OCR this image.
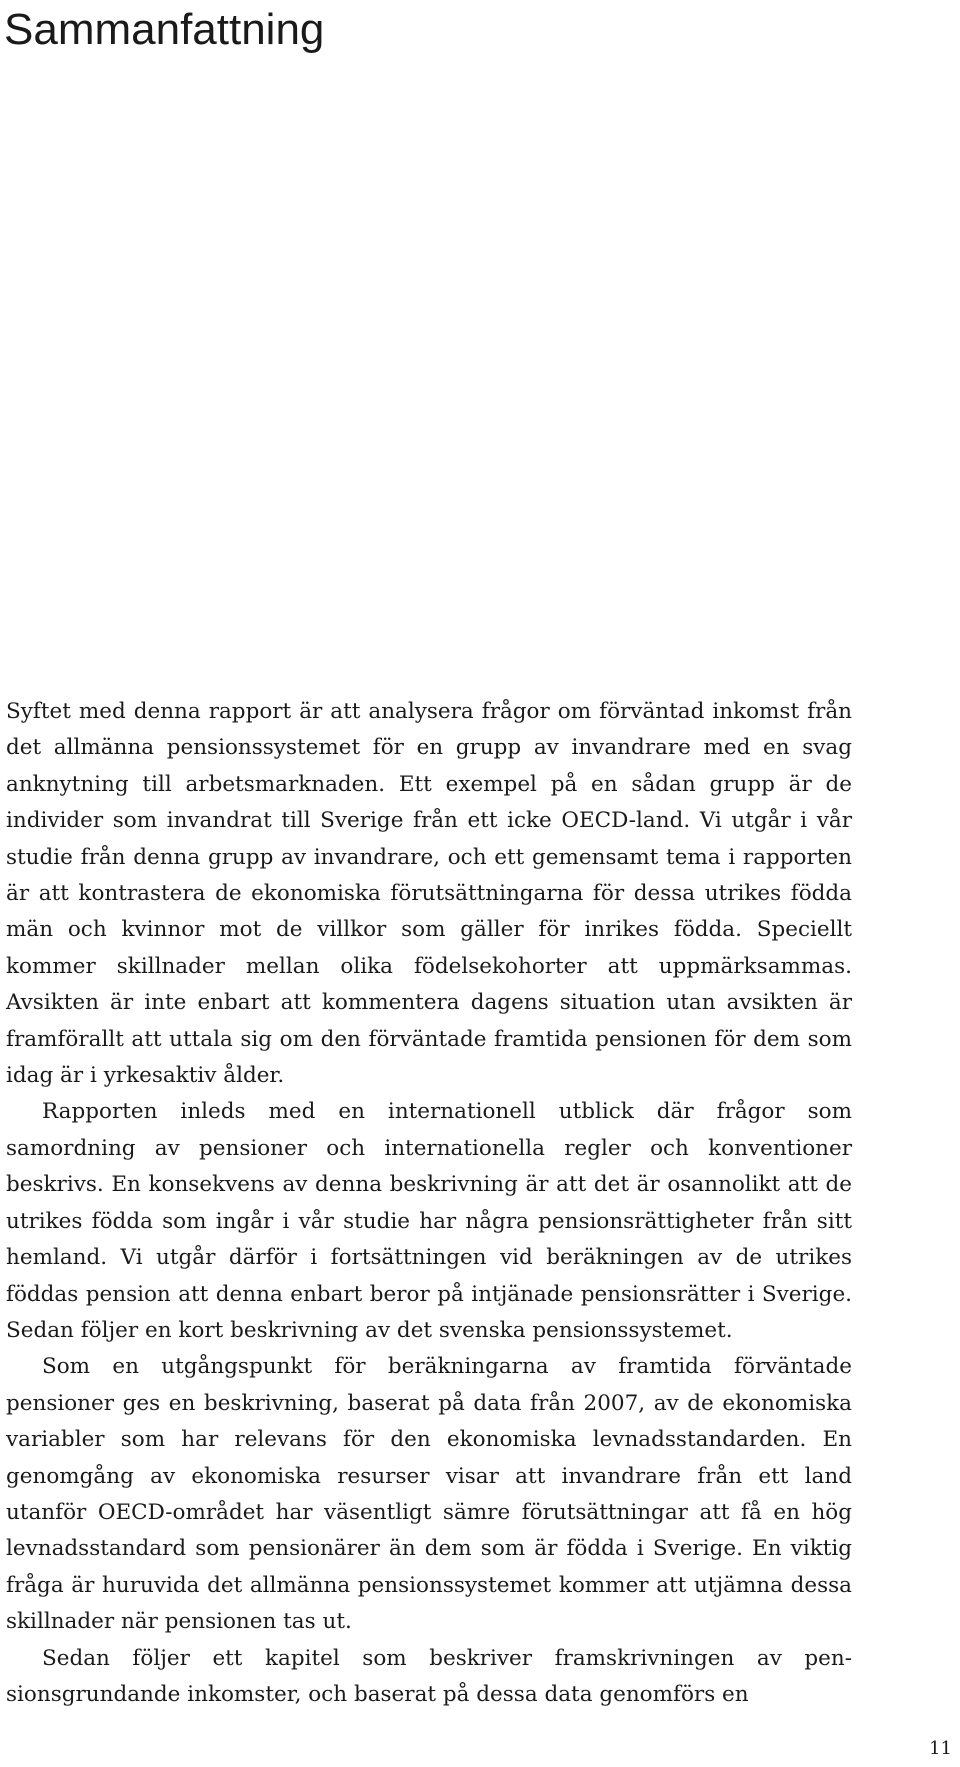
Sammanfattning

Syftet med denna rapport är att analysera frågor om förväntad inkomst från det allmänna pensionssystemet för en grupp av invandrare med en svag anknytning till arbetsmarknaden. Ett exempel på en sådan grupp är de individer som invandrat till Sverige från ett icke OECD-land. Vi utgår i vår studie från denna grupp av invandrare, och ett gemensamt tema i rapporten är att kontrastera de ekonomiska förutsättningarna för dessa utrikes födda män och kvinnor mot de villkor som gäller för inrikes födda. Speciellt kommer skillnader mellan olika födelsekohorter att uppmärksammas. Avsikten är inte enbart att kommentera dagens situation utan avsikten är framförallt att uttala sig om den förväntade framtida pensionen för dem som idag är i yrkesaktiv ålder.

Rapporten inleds med en internationell utblick där frågor som samordning av pensioner och internationella regler och konventioner beskrivs. En konsekvens av denna beskrivning är att det är osannolikt att de utrikes födda som ingår i vår studie har några pensionsrättigheter från sitt hemland. Vi utgår därför i fortsättningen vid beräkningen av de utrikes föddas pension att denna enbart beror på intjänade pensionsrätter i Sverige. Sedan följer en kort beskrivning av det svenska pensionssystemet.

Som en utgångspunkt för beräkningarna av framtida förväntade pensioner ges en beskrivning, baserat på data från 2007, av de ekonomiska variabler som har relevans för den ekonomiska levnadsstandarden. En genomgång av ekonomiska resurser visar att invandrare från ett land utanför OECD-området har väsentligt sämre förutsättningar att få en hög levnadsstandard som pensionärer än dem som är födda i Sverige. En viktig fråga är huruvida det allmänna pensionssystemet kommer att utjämna dessa skillnader när pensionen tas ut.

Sedan följer ett kapitel som beskriver framskrivningen av pensionsgrundande inkomster, och baserat på dessa data genomförs en

11
